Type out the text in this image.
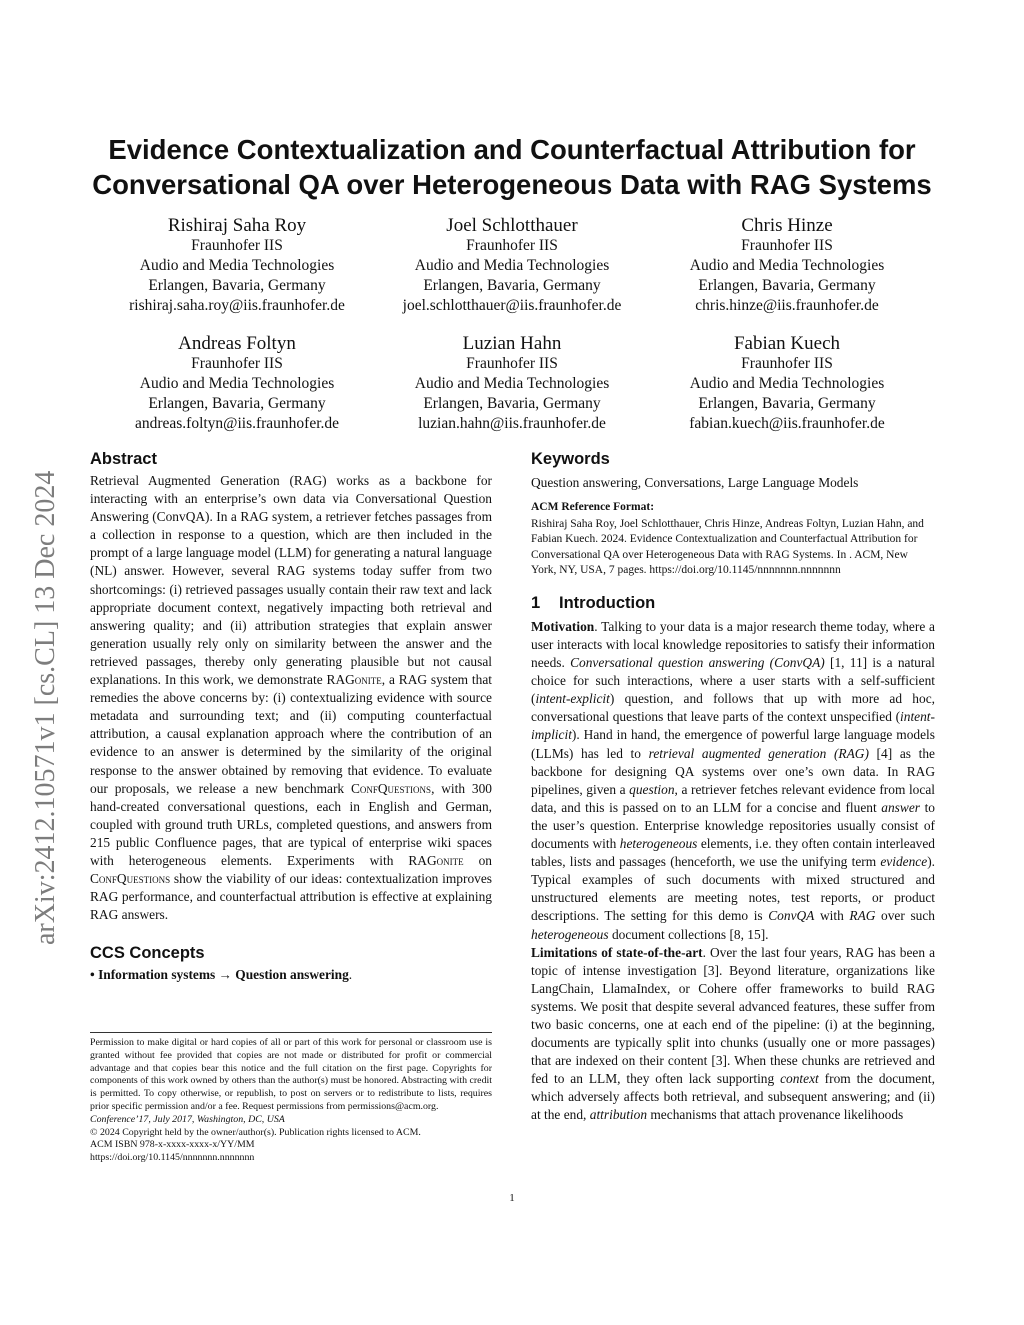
arXiv:2412.10571v1 [cs.CL] 13 Dec 2024
Evidence Contextualization and Counterfactual Attribution for
Conversational QA over Heterogeneous Data with RAG Systems
Rishiraj Saha Roy
Fraunhofer IIS
Audio and Media Technologies
Erlangen, Bavaria, Germany
rishiraj.saha.roy@iis.fraunhofer.de
Joel Schlotthauer
Fraunhofer IIS
Audio and Media Technologies
Erlangen, Bavaria, Germany
joel.schlotthauer@iis.fraunhofer.de
Chris Hinze
Fraunhofer IIS
Audio and Media Technologies
Erlangen, Bavaria, Germany
chris.hinze@iis.fraunhofer.de
Andreas Foltyn
Fraunhofer IIS
Audio and Media Technologies
Erlangen, Bavaria, Germany
andreas.foltyn@iis.fraunhofer.de
Luzian Hahn
Fraunhofer IIS
Audio and Media Technologies
Erlangen, Bavaria, Germany
luzian.hahn@iis.fraunhofer.de
Fabian Kuech
Fraunhofer IIS
Audio and Media Technologies
Erlangen, Bavaria, Germany
fabian.kuech@iis.fraunhofer.de
Abstract

Retrieval Augmented Generation (RAG) works as a backbone for interacting with an enterprise’s own data via Conversational Question Answering (ConvQA). In a RAG system, a retriever fetches passages from a collection in response to a question, which are then included in the prompt of a large language model (LLM) for generating a natural language (NL) answer. However, several RAG systems today suffer from two shortcomings: (i) retrieved passages usually contain their raw text and lack appropriate document context, negatively impacting both retrieval and answering quality; and (ii) attribution strategies that explain answer generation usually rely only on similarity between the answer and the retrieved passages, thereby only generating plausible but not causal explanations. In this work, we demonstrate RAGonite, a RAG system that remedies the above concerns by: (i) contextualizing evidence with source metadata and surrounding text; and (ii) computing counterfactual attribution, a causal explanation approach where the contribution of an evidence to an answer is determined by the similarity of the original response to the answer obtained by removing that evidence. To evaluate our proposals, we release a new benchmark ConfQuestions, with 300 hand-created conversational questions, each in English and German, coupled with ground truth URLs, completed questions, and answers from 215 public Confluence pages, that are typical of enterprise wiki spaces with heterogeneous elements. Experiments with RAGonite on ConfQuestions show the viability of our ideas: contextualization improves RAG performance, and counterfactual attribution is effective at explaining RAG answers.

CCS Concepts
• Information systems → Question answering.

Permission to make digital or hard copies of all or part of this work for personal or classroom use is granted without fee provided that copies are not made or distributed for profit or commercial advantage and that copies bear this notice and the full citation on the first page. Copyrights for components of this work owned by others than the author(s) must be honored. Abstracting with credit is permitted. To copy otherwise, or republish, to post on servers or to redistribute to lists, requires prior specific permission and/or a fee. Request permissions from permissions@acm.org.

Conference’17, July 2017, Washington, DC, USA

© 2024 Copyright held by the owner/author(s). Publication rights licensed to ACM.

ACM ISBN 978-x-xxxx-xxxx-x/YY/MM

https://doi.org/10.1145/nnnnnnn.nnnnnnn

Keywords

Question answering, Conversations, Large Language Models

ACM Reference Format:

Rishiraj Saha Roy, Joel Schlotthauer, Chris Hinze, Andreas Foltyn, Luzian Hahn, and Fabian Kuech. 2024. Evidence Contextualization and Counterfactual Attribution for Conversational QA over Heterogeneous Data with RAG Systems. In . ACM, New York, NY, USA, 7 pages. https://doi.org/10.1145/nnnnnnn.nnnnnnn

1 Introduction

Motivation. Talking to your data is a major research theme today, where a user interacts with local knowledge repositories to satisfy their information needs. Conversational question answering (ConvQA) [1, 11] is a natural choice for such interactions, where a user starts with a self-sufficient (intent-explicit) question, and follows that up with more ad hoc, conversational questions that leave parts of the context unspecified (intent-implicit). Hand in hand, the emergence of powerful large language models (LLMs) has led to retrieval augmented generation (RAG) [4] as the backbone for designing QA systems over one’s own data. In RAG pipelines, given a question, a retriever fetches relevant evidence from local data, and this is passed on to an LLM for a concise and fluent answer to the user’s question. Enterprise knowledge repositories usually consist of documents with heterogeneous elements, i.e. they often contain interleaved tables, lists and passages (henceforth, we use the unifying term evidence). Typical examples of such documents with mixed structured and unstructured elements are meeting notes, test reports, or product descriptions. The setting for this demo is ConvQA with RAG over such heterogeneous document collections [8, 15].

Limitations of state-of-the-art. Over the last four years, RAG has been a topic of intense investigation [3]. Beyond literature, organizations like LangChain, LlamaIndex, or Cohere offer frameworks to build RAG systems. We posit that despite several advanced features, these suffer from two basic concerns, one at each end of the pipeline: (i) at the beginning, documents are typically split into chunks (usually one or more passages) that are indexed on their content [3]. When these chunks are retrieved and fed to an LLM, they often lack supporting context from the document, which adversely affects both retrieval, and subsequent answering; and (ii) at the end, attribution mechanisms that attach provenance likelihoods

1
